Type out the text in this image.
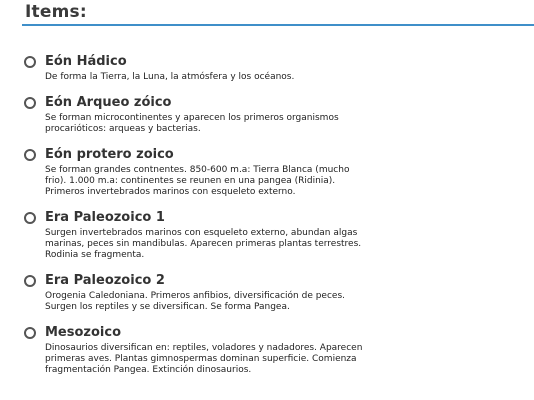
Items:
Eón Hádico
De forma la Tierra, la Luna, la atmósfera y los océanos.
Eón Arqueo zóico
Se forman microcontinentes y aparecen los primeros organismos procarióticos: arqueas y bacterias.
Eón protero zoico
Se forman grandes contnentes. 850-600 m.a: Tierra Blanca (mucho frio). 1.000 m.a: continentes se reunen en una pangea (Ridinia). Primeros invertebrados marinos con esqueleto externo.
Era Paleozoico 1
Surgen invertebrados marinos con esqueleto externo, abundan algas marinas, peces sin mandibulas. Aparecen primeras plantas terrestres. Rodinia se fragmenta.
Era Paleozoico 2
Orogenia Caledoniana. Primeros anfibios, diversificación de peces. Surgen los reptiles y se diversifican. Se forma Pangea.
Mesozoico
Dinosaurios diversifican en: reptiles, voladores y nadadores. Aparecen primeras aves. Plantas gimnospermas dominan superficie. Comienza fragmentación Pangea. Extinción dinosaurios.
